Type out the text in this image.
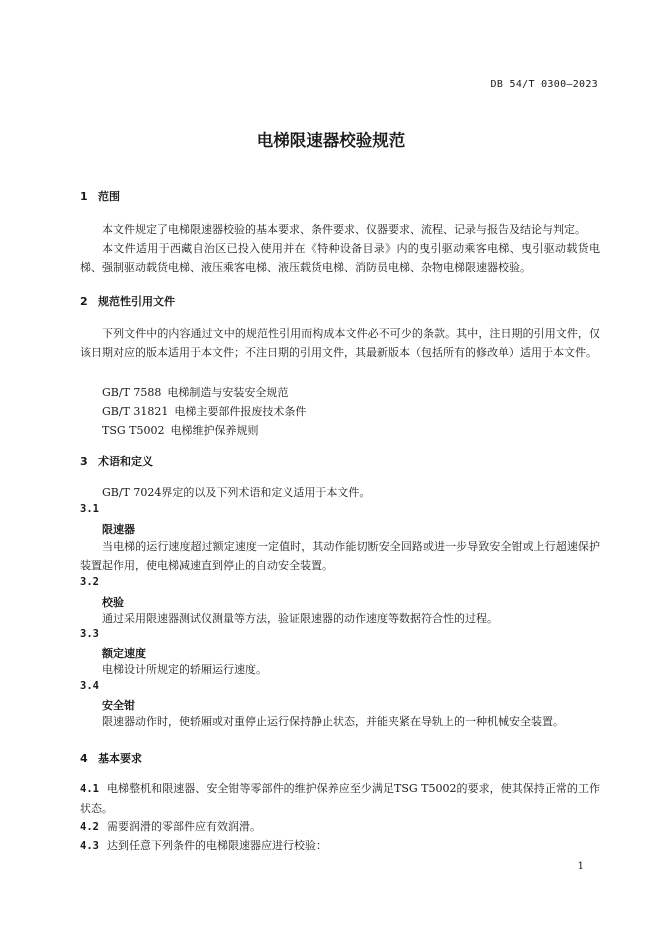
DB 54/T 0300—2023
电梯限速器校验规范
1 范围
本文件规定了电梯限速器校验的基本要求、条件要求、仪器要求、流程、记录与报告及结论与判定。
本文件适用于西藏自治区已投入使用并在《特种设备目录》内的曳引驱动乘客电梯、曳引驱动载货电梯、强制驱动载货电梯、液压乘客电梯、液压载货电梯、消防员电梯、杂物电梯限速器校验。
2 规范性引用文件
下列文件中的内容通过文中的规范性引用而构成本文件必不可少的条款。其中，注日期的引用文件，仅该日期对应的版本适用于本文件；不注日期的引用文件，其最新版本（包括所有的修改单）适用于本文件。
GB/T 7588 电梯制造与安装安全规范
GB/T 31821 电梯主要部件报废技术条件
TSG T5002 电梯维护保养规则
3 术语和定义
GB/T 7024界定的以及下列术语和定义适用于本文件。
3.1
限速器
当电梯的运行速度超过额定速度一定值时，其动作能切断安全回路或进一步导致安全钳或上行超速保护装置起作用，使电梯减速直到停止的自动安全装置。
3.2
校验
通过采用限速器测试仪测量等方法，验证限速器的动作速度等数据符合性的过程。
3.3
额定速度
电梯设计所规定的轿厢运行速度。
3.4
安全钳
限速器动作时，使轿厢或对重停止运行保持静止状态，并能夹紧在导轨上的一种机械安全装置。
4 基本要求
4.1 电梯整机和限速器、安全钳等零部件的维护保养应至少满足TSG T5002的要求，使其保持正常的工作状态。
4.2 需要润滑的零部件应有效润滑。
4.3 达到任意下列条件的电梯限速器应进行校验：
1
